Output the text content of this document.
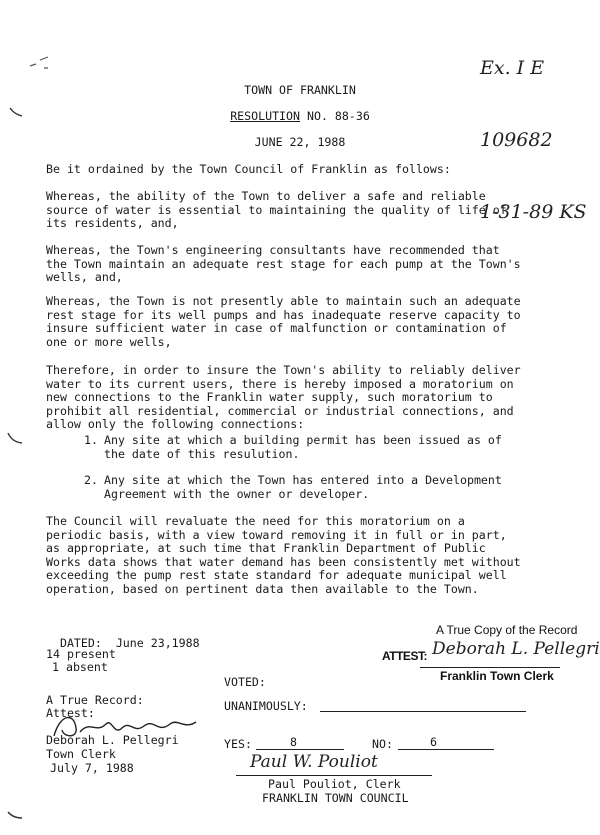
Ex. I E

109682

1-31-89 KS

TOWN OF FRANKLIN
RESOLUTION NO. 88-36
JUNE 22, 1988
Be it ordained by the Town Council of Franklin as follows:
Whereas, the ability of the Town to deliver a safe and reliable source of water is essential to maintaining the quality of life of its residents, and,
Whereas, the Town's engineering consultants have recommended that the Town maintain an adequate rest stage for each pump at the Town's wells, and,
Whereas, the Town is not presently able to maintain such an adequate rest stage for its well pumps and has inadequate reserve capacity to insure sufficient water in case of malfunction or contamination of one or more wells,
Therefore, in order to insure the Town's ability to reliably deliver water to its current users, there is hereby imposed a moratorium on new connections to the Franklin water supply, such moratorium to prohibit all residential, commercial or industrial connections, and allow only the following connections:
1. Any site at which a building permit has been issued as of the date of this resulution.
2. Any site at which the Town has entered into a Development Agreement with the owner or developer.
The Council will revaluate the need for this moratorium on a periodic basis, with a view toward removing it in full or in part, as appropriate, at such time that Franklin Department of Public Works data shows that water demand has been consistently met without exceeding the pump rest state standard for adequate municipal well operation, based on pertinent data then available to the Town.

DATED: June 23,1988

14 present
1 absent
A True Copy of the Record
ATTEST: Deborah L. Pellegri
Franklin Town Clerk
VOTED:
UNANIMOUSLY:
A True Record:
Attest:
Deborah L. Pellegri
Town Clerk
July 7, 1988
YES:	8	NO:	6
Paul W. Pouliot
Paul Pouliot, Clerk
FRANKLIN TOWN COUNCIL
